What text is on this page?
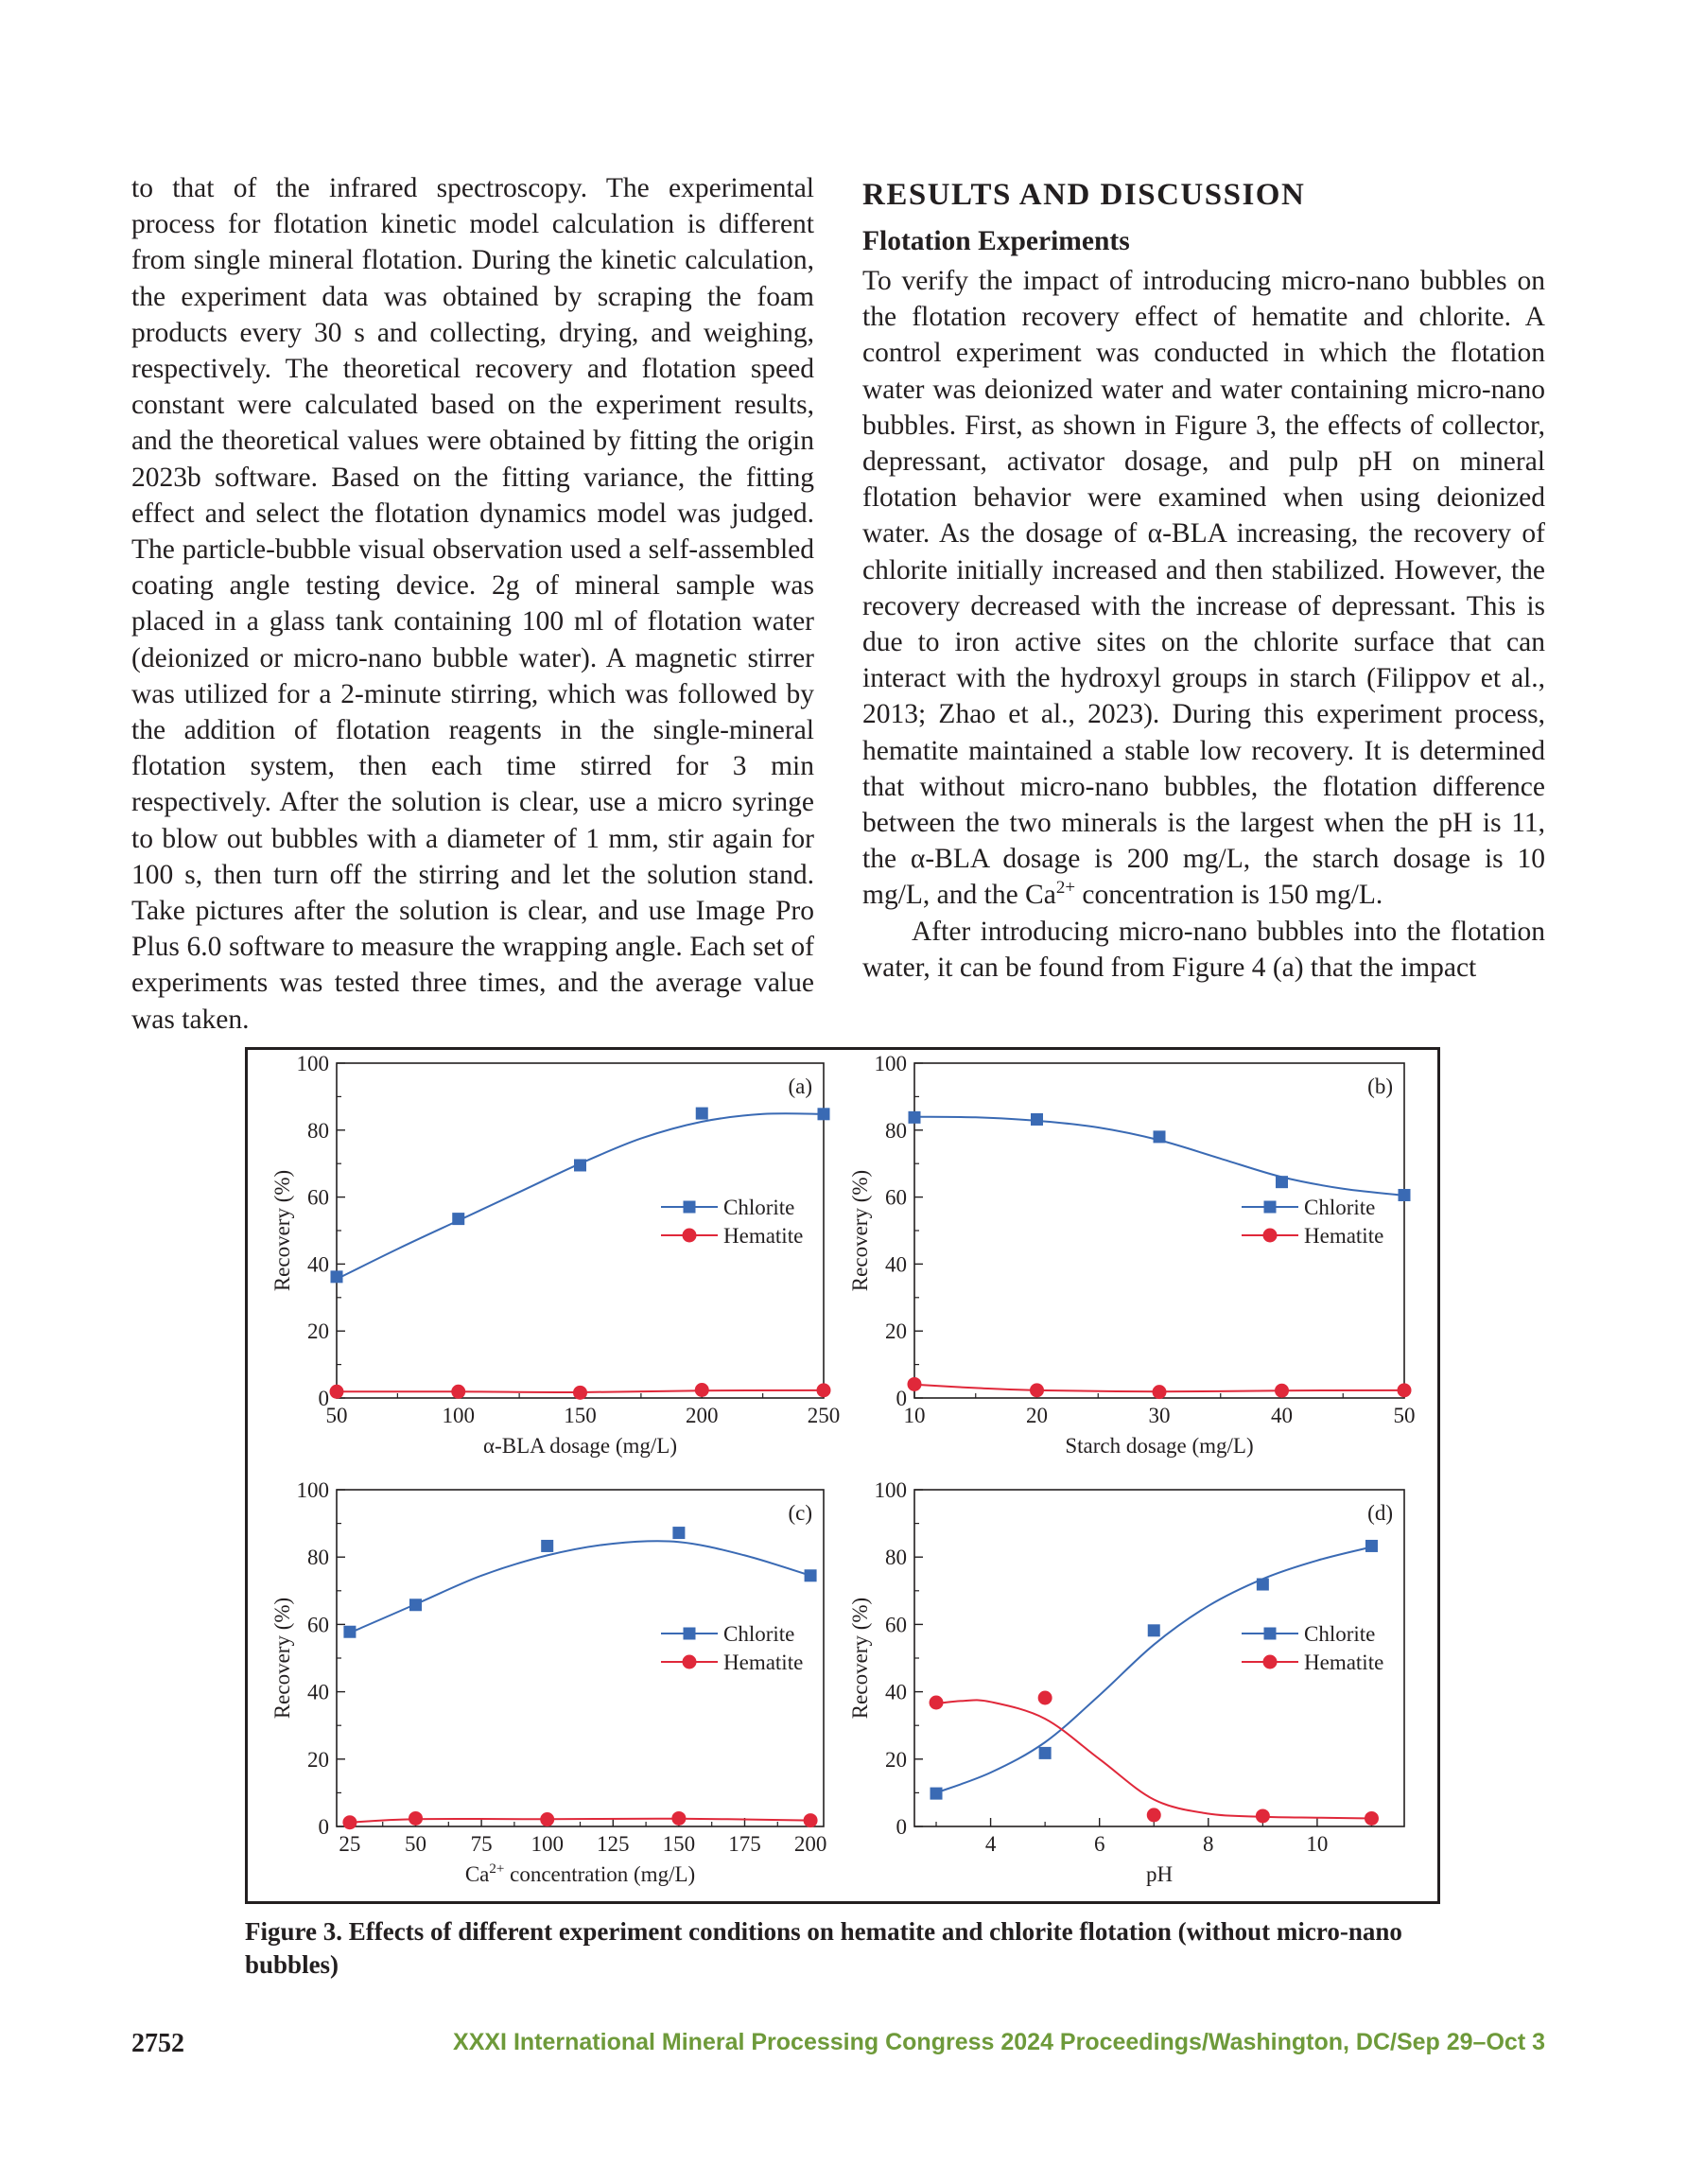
to that of the infrared spectroscopy. The experimental process for flotation kinetic model calculation is different from single mineral flotation. During the kinetic calculation, the experiment data was obtained by scraping the foam products every 30 s and collecting, drying, and weighing, respectively. The theoretical recovery and flotation speed constant were calculated based on the experiment results, and the theoretical values were obtained by fitting the origin 2023b software. Based on the fitting variance, the fitting effect and select the flotation dynamics model was judged. The particle-bubble visual observation used a self-assembled coating angle testing device. 2g of mineral sample was placed in a glass tank containing 100 ml of flotation water (deionized or micro-nano bubble water). A magnetic stirrer was utilized for a 2-minute stirring, which was followed by the addition of flotation reagents in the single-mineral flotation system, then each time stirred for 3 min respectively. After the solution is clear, use a micro syringe to blow out bubbles with a diameter of 1 mm, stir again for 100 s, then turn off the stirring and let the solution stand. Take pictures after the solution is clear, and use Image Pro Plus 6.0 software to measure the wrapping angle. Each set of experiments was tested three times, and the average value was taken.

RESULTS AND DISCUSSION
Flotation Experiments

To verify the impact of introducing micro-nano bubbles on the flotation recovery effect of hematite and chlorite. A control experiment was conducted in which the flotation water was deionized water and water containing micro-nano bubbles. First, as shown in Figure 3, the effects of collector, depressant, activator dosage, and pulp pH on mineral flotation behavior were examined when using deionized water. As the dosage of α-BLA increasing, the recovery of chlorite initially increased and then stabilized. However, the recovery decreased with the increase of depressant. This is due to iron active sites on the chlorite surface that can interact with the hydroxyl groups in starch (Filippov et al., 2013; Zhao et al., 2023). During this experiment process, hematite maintained a stable low recovery. It is determined that without micro-nano bubbles, the flotation difference between the two minerals is the largest when the pH is 11, the α-BLA dosage is 200 mg/L, the starch dosage is 10 mg/L, and the $Ca^{2+}$ concentration is 150 mg/L.

After introducing micro-nano bubbles into the flotation water, it can be found from Figure 4 (a) that the impact

0
20
40
60
80
100
50	100	150	200	250
α-BLA dosage (mg/L)
Recovery (%)
(a)
Chlorite
Hematite
0
20
40
60
80
100
10	20	30	40	50
Starch dosage (mg/L)
Recovery (%)
(b)
Chlorite
Hematite
0
20
40
60
80
100
25 50 75 100 125 150 175 200
$Ca^{2+}$ concentration (mg/L)
Recovery (%)
(c)
Chlorite
Hematite
0
20
40
60
80
100
4	6	8	10
pH
Recovery (%)
(d)
Chlorite
Hematite
Figure 3. Effects of different experiment conditions on hematite and chlorite flotation (without micro-nano bubbles)
2752	XXXI International Mineral Processing Congress 2024 Proceedings/Washington, DC/Sep 29–Oct 3
